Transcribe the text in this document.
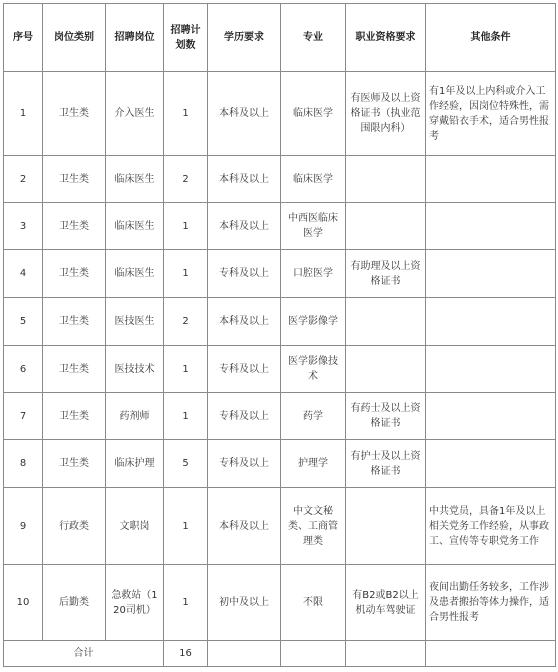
序号	岗位类别	招聘岗位	招聘计划数	学历要求	专业	职业资格要求	其他条件
1	卫生类	介入医生	1	本科及以上	临床医学	有医师及以上资格证书（执业范围限内科）	有1年及以上内科或介入工作经验，因岗位特殊性，需穿戴铅衣手术，适合男性报考
2	卫生类	临床医生	2	本科及以上	临床医学		
3	卫生类	临床医生	1	本科及以上	中西医临床医学		
4	卫生类	临床医生	1	专科及以上	口腔医学	有助理及以上资格证书	
5	卫生类	医技医生	2	本科及以上	医学影像学		
6	卫生类	医技技术	1	专科及以上	医学影像技术		
7	卫生类	药剂师	1	专科及以上	药学	有药士及以上资格证书	
8	卫生类	临床护理	5	专科及以上	护理学	有护士及以上资格证书	
9	行政类	文职岗	1	本科及以上	中文文秘类、工商管理类		中共党员，具备1年及以上相关党务工作经验，从事政工、宣传等专职党务工作
10	后勤类	急救站（120司机）	1	初中及以上	不限	有B2或B2以上机动车驾驶证	夜间出勤任务较多，工作涉及患者搬抬等体力操作，适合男性报考
合计			16				
